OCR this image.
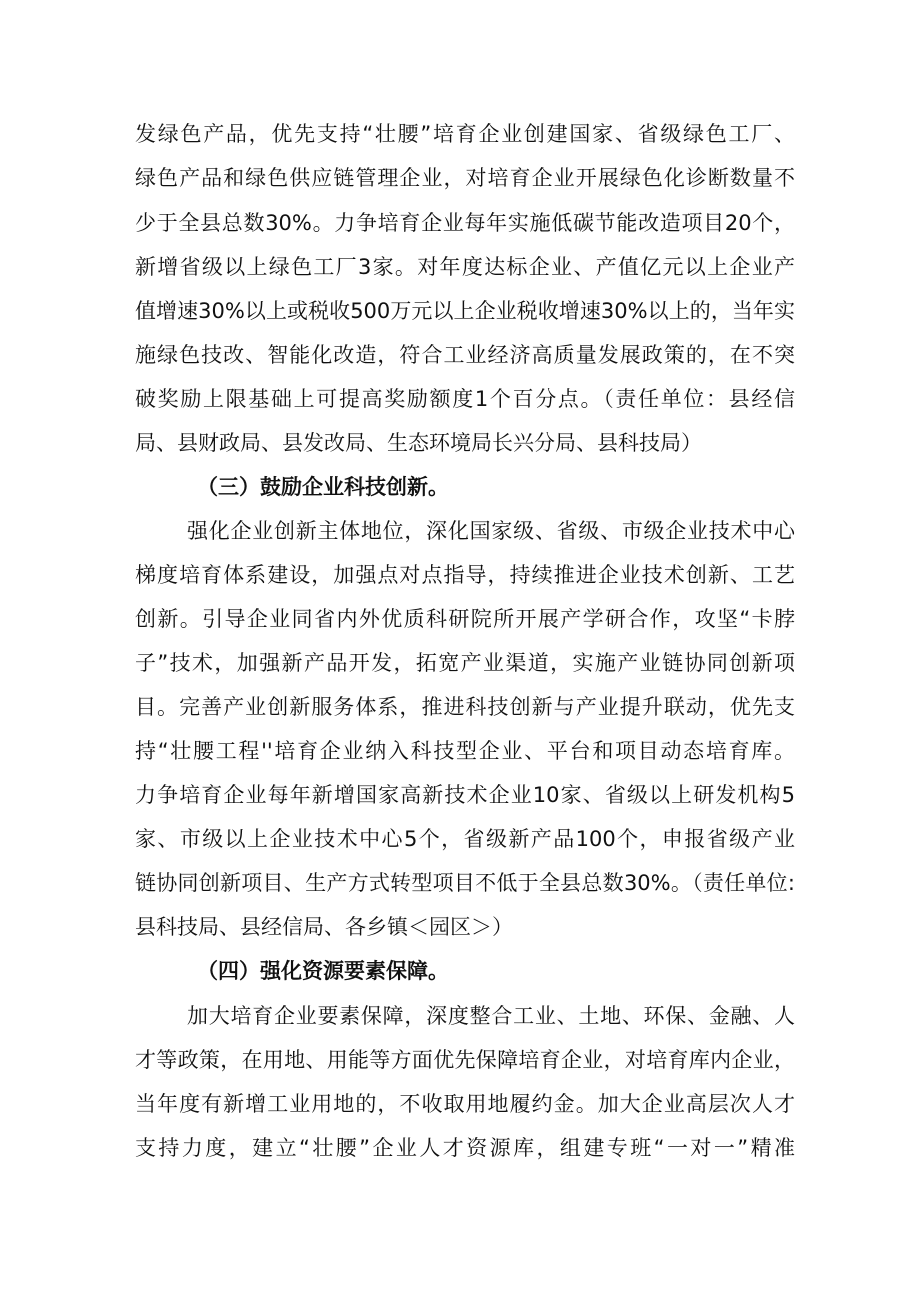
发绿色产品，优先支持“壮腰”培育企业创建国家、省级绿色工厂、
绿色产品和绿色供应链管理企业，对培育企业开展绿色化诊断数量不
少于全县总数30%。力争培育企业每年实施低碳节能改造项目20个，
新增省级以上绿色工厂3家。对年度达标企业、产值亿元以上企业产
值增速30%以上或税收500万元以上企业税收增速30%以上的，当年实
施绿色技改、智能化改造，符合工业经济高质量发展政策的，在不突
破奖励上限基础上可提高奖励额度1个百分点。（责任单位：县经信
局、县财政局、县发改局、生态环境局长兴分局、县科技局）
（三）鼓励企业科技创新。
强化企业创新主体地位，深化国家级、省级、市级企业技术中心
梯度培育体系建设，加强点对点指导，持续推进企业技术创新、工艺
创新。引导企业同省内外优质科研院所开展产学研合作，攻坚“卡脖
子”技术，加强新产品开发，拓宽产业渠道，实施产业链协同创新项
目。完善产业创新服务体系，推进科技创新与产业提升联动，优先支
持“壮腰工程''培育企业纳入科技型企业、平台和项目动态培育库。
力争培育企业每年新增国家高新技术企业10家、省级以上研发机构5
家、市级以上企业技术中心5个，省级新产品100个，申报省级产业
链协同创新项目、生产方式转型项目不低于全县总数30%。（责任单位:
县科技局、县经信局、各乡镇＜园区＞）
（四）强化资源要素保障。
加大培育企业要素保障，深度整合工业、土地、环保、金融、人
才等政策，在用地、用能等方面优先保障培育企业，对培育库内企业，
当年度有新增工业用地的，不收取用地履约金。加大企业高层次人才
支持力度，建立“壮腰”企业人才资源库，组建专班“一对一”精准
